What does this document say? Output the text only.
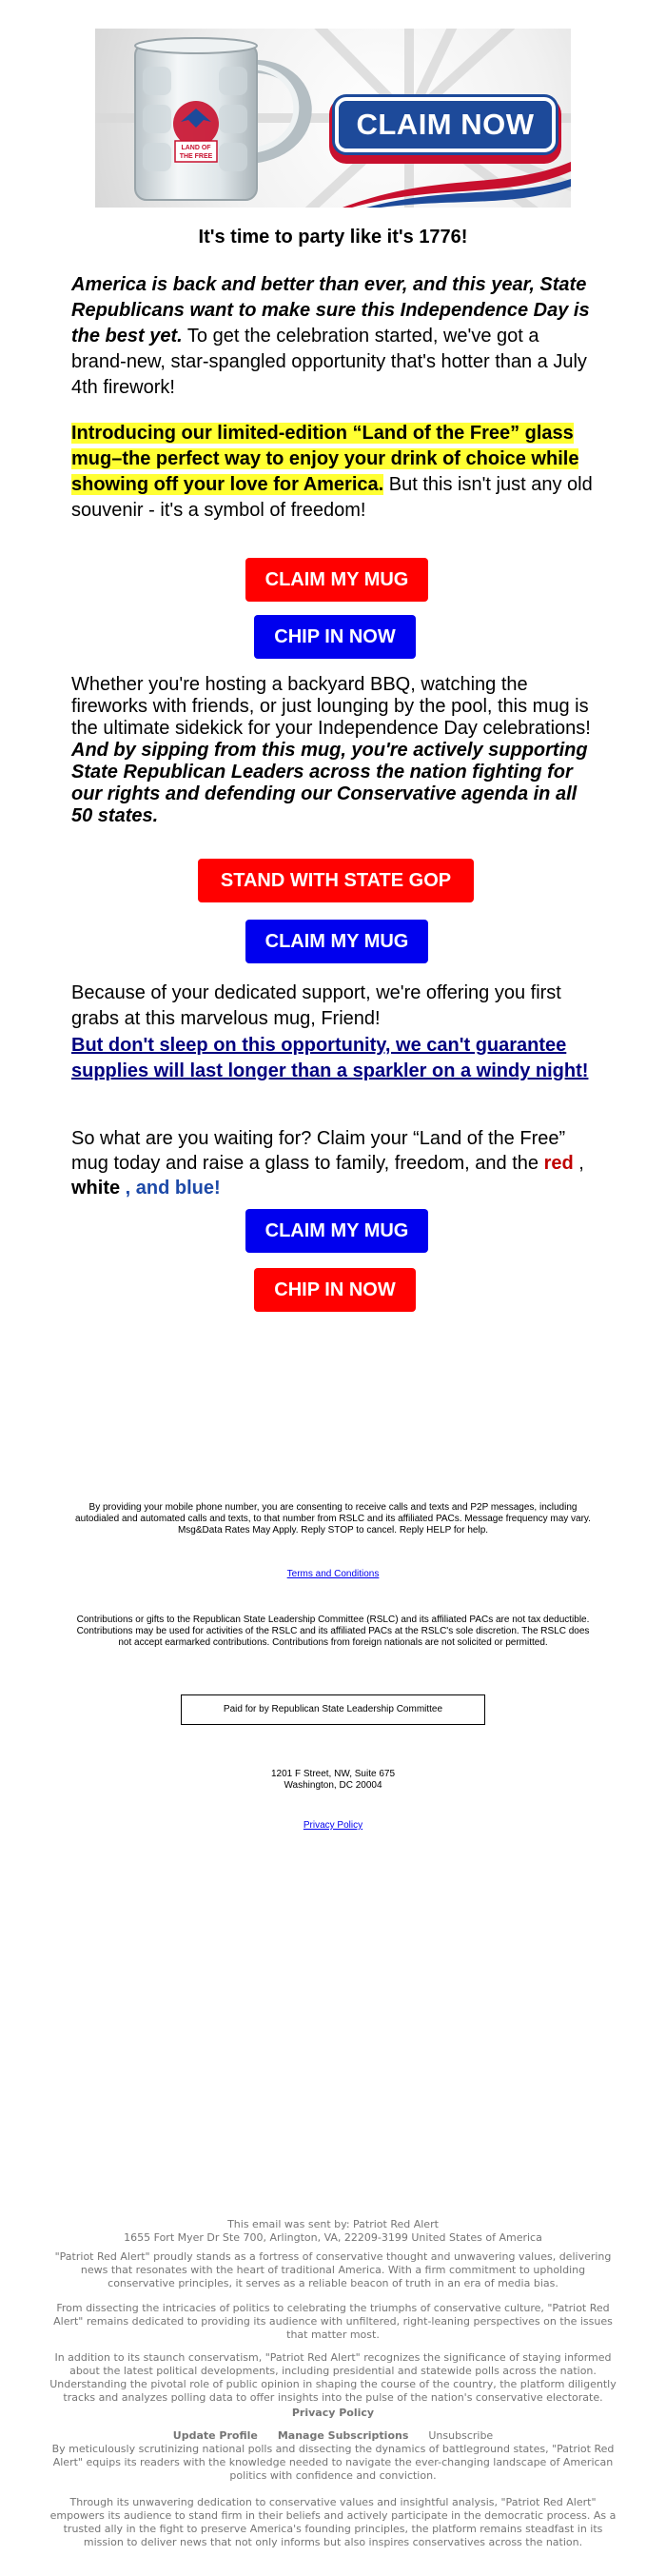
LAND OF
THE FREE
CLAIM NOW
It's time to party like it's 1776!
America is back and better than ever, and this year, State Republicans want to make sure this Independence Day is the best yet. To get the celebration started, we've got a brand-new, star-spangled opportunity that's hotter than a July 4th firework!
Introducing our limited-edition “Land of the Free” glass mug–the perfect way to enjoy your drink of choice while showing off your love for America. But this isn't just any old souvenir - it's a symbol of freedom!
CLAIM MY MUG
CHIP IN NOW
Whether you're hosting a backyard BBQ, watching the fireworks with friends, or just lounging by the pool, this mug is the ultimate sidekick for your Independence Day celebrations! And by sipping from this mug, you're actively supporting State Republican Leaders across the nation fighting for our rights and defending our Conservative agenda in all 50 states.
STAND WITH STATE GOP
CLAIM MY MUG
Because of your dedicated support, we're offering you first grabs at this marvelous mug, Friend!
But don't sleep on this opportunity, we can't guarantee supplies will last longer than a sparkler on a windy night!
So what are you waiting for? Claim your “Land of the Free” mug today and raise a glass to family, freedom, and the red , white , and blue!
CLAIM MY MUG
CHIP IN NOW
By providing your mobile phone number, you are consenting to receive calls and texts and P2P messages, including autodialed and automated calls and texts, to that number from RSLC and its affiliated PACs. Message frequency may vary. Msg&Data Rates May Apply. Reply STOP to cancel. Reply HELP for help.
Terms and Conditions
Contributions or gifts to the Republican State Leadership Committee (RSLC) and its affiliated PACs are not tax deductible. Contributions may be used for activities of the RSLC and its affiliated PACs at the RSLC's sole discretion. The RSLC does not accept earmarked contributions. Contributions from foreign nationals are not solicited or permitted.
Paid for by Republican State Leadership Committee
1201 F Street, NW, Suite 675
Washington, DC 20004
Privacy Policy
This email was sent by: Patriot Red Alert
1655 Fort Myer Dr Ste 700, Arlington, VA, 22209-3199 United States of America
"Patriot Red Alert" proudly stands as a fortress of conservative thought and unwavering values, delivering news that resonates with the heart of traditional America. With a firm commitment to upholding conservative principles, it serves as a reliable beacon of truth in an era of media bias.
From dissecting the intricacies of politics to celebrating the triumphs of conservative culture, "Patriot Red Alert" remains dedicated to providing its audience with unfiltered, right-leaning perspectives on the issues that matter most.
In addition to its staunch conservatism, "Patriot Red Alert" recognizes the significance of staying informed about the latest political developments, including presidential and statewide polls across the nation. Understanding the pivotal role of public opinion in shaping the course of the country, the platform diligently tracks and analyzes polling data to offer insights into the pulse of the nation's conservative electorate.
Privacy Policy
Update Profile Manage Subscriptions Unsubscribe
By meticulously scrutinizing national polls and dissecting the dynamics of battleground states, "Patriot Red Alert" equips its readers with the knowledge needed to navigate the ever-changing landscape of American politics with confidence and conviction.
Through its unwavering dedication to conservative values and insightful analysis, "Patriot Red Alert" empowers its audience to stand firm in their beliefs and actively participate in the democratic process. As a trusted ally in the fight to preserve America's founding principles, the platform remains steadfast in its mission to deliver news that not only informs but also inspires conservatives across the nation.
